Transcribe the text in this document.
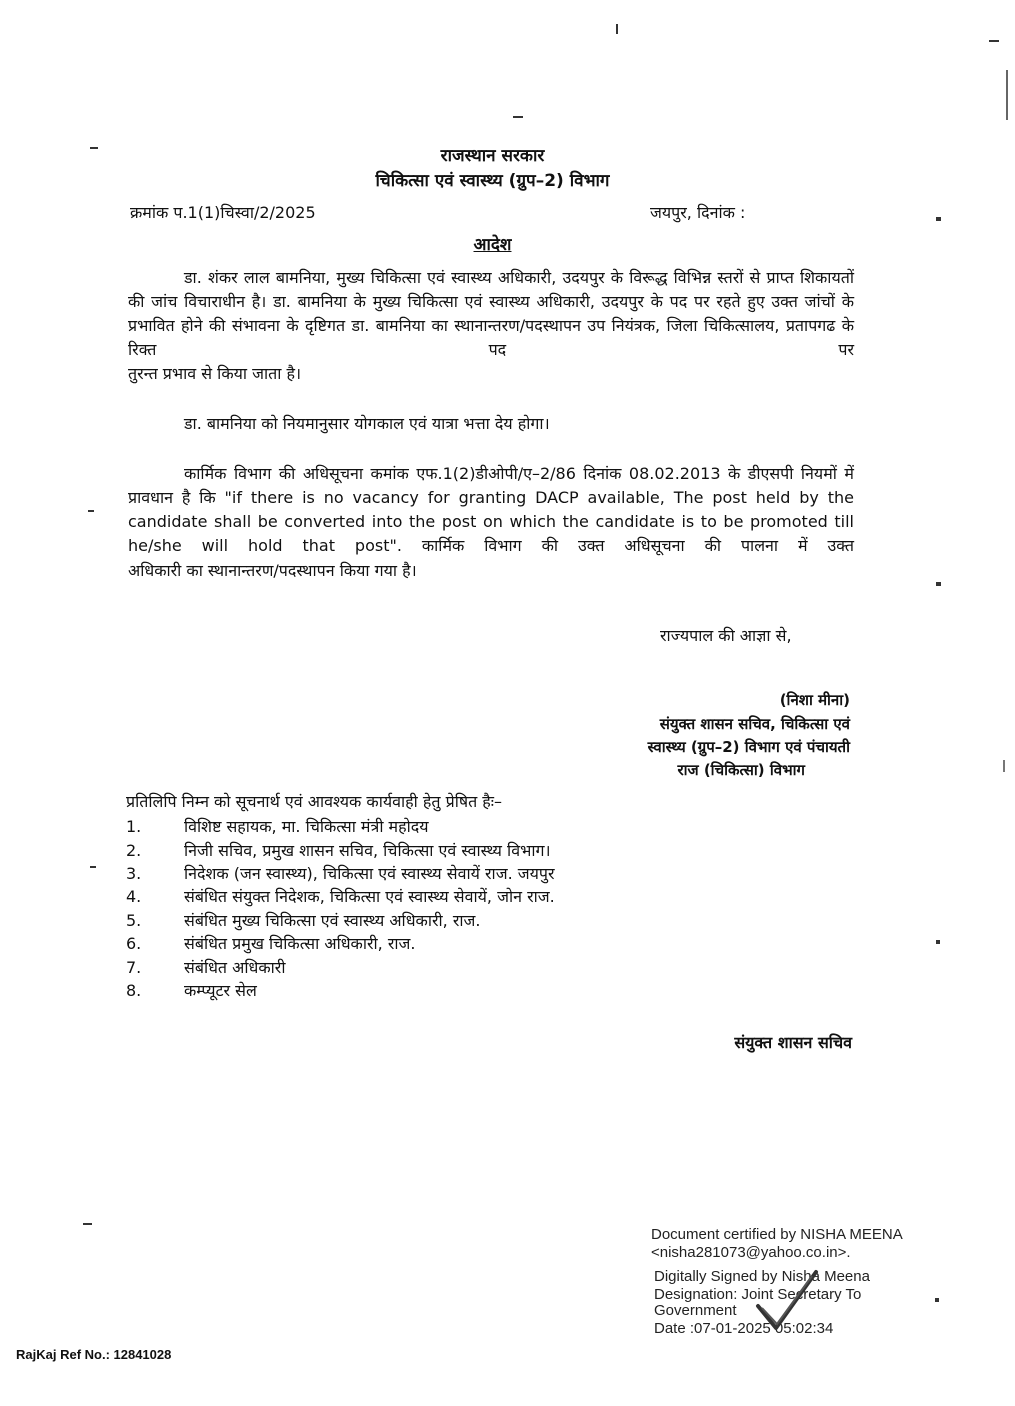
राजस्थान सरकार
चिकित्सा एवं स्वास्थ्य (ग्रुप–2) विभाग
क्रमांक प.1(1)चिस्वा/2/2025	जयपुर, दिनांक :
आदेश
डा. शंकर लाल बामनिया, मुख्य चिकित्सा एवं स्वास्थ्य अधिकारी, उदयपुर के विरूद्ध विभिन्न स्तरों से प्राप्त शिकायतों की जांच विचाराधीन है। डा. बामनिया के मुख्य चिकित्सा एवं स्वास्थ्य अधिकारी, उदयपुर के पद पर रहते हुए उक्त जांचों के प्रभावित होने की संभावना के दृष्टिगत डा. बामनिया का स्थानान्तरण/पदस्थापन उप नियंत्रक, जिला चिकित्सालय, प्रतापगढ के रिक्त पद पर
तुरन्त प्रभाव से किया जाता है।
डा. बामनिया को नियमानुसार योगकाल एवं यात्रा भत्ता देय होगा।
कार्मिक विभाग की अधिसूचना कमांक एफ.1(2)डीओपी/ए–2/86 दिनांक 08.02.2013 के डीएसपी नियमों में प्रावधान है कि "if there is no vacancy for granting DACP available, The post held by the candidate shall be converted into the post on which the candidate is to be promoted till he/she will hold that post". कार्मिक विभाग की उक्त अधिसूचना की पालना में उक्त
अधिकारी का स्थानान्तरण/पदस्थापन किया गया है।
राज्यपाल की आज्ञा से,
(निशा मीना)
संयुक्त शासन सचिव, चिकित्सा एवं
स्वास्थ्य (ग्रुप–2) विभाग एवं पंचायती
राज (चिकित्सा) विभाग
प्रतिलिपि निम्न को सूचनार्थ एवं आवश्यक कार्यवाही हेतु प्रेषित हैः–
1.	विशिष्ट सहायक, मा. चिकित्सा मंत्री महोदय
2.	निजी सचिव, प्रमुख शासन सचिव, चिकित्सा एवं स्वास्थ्य विभाग।
3.	निदेशक (जन स्वास्थ्य), चिकित्सा एवं स्वास्थ्य सेवायें राज. जयपुर
4.	संबंधित संयुक्त निदेशक, चिकित्सा एवं स्वास्थ्य सेवायें, जोन राज.
5.	संबंधित मुख्य चिकित्सा एवं स्वास्थ्य अधिकारी, राज.
6.	संबंधित प्रमुख चिकित्सा अधिकारी, राज.
7.	संबंधित अधिकारी
8.	कम्प्यूटर सेल
संयुक्त शासन सचिव
Document certified by NISHA MEENA
<nisha281073@yahoo.co.in>.
Digitally Signed by Nisha Meena
Designation: Joint Secretary To
Government
Date :07-01-2025 05:02:34
RajKaj Ref No.: 12841028
